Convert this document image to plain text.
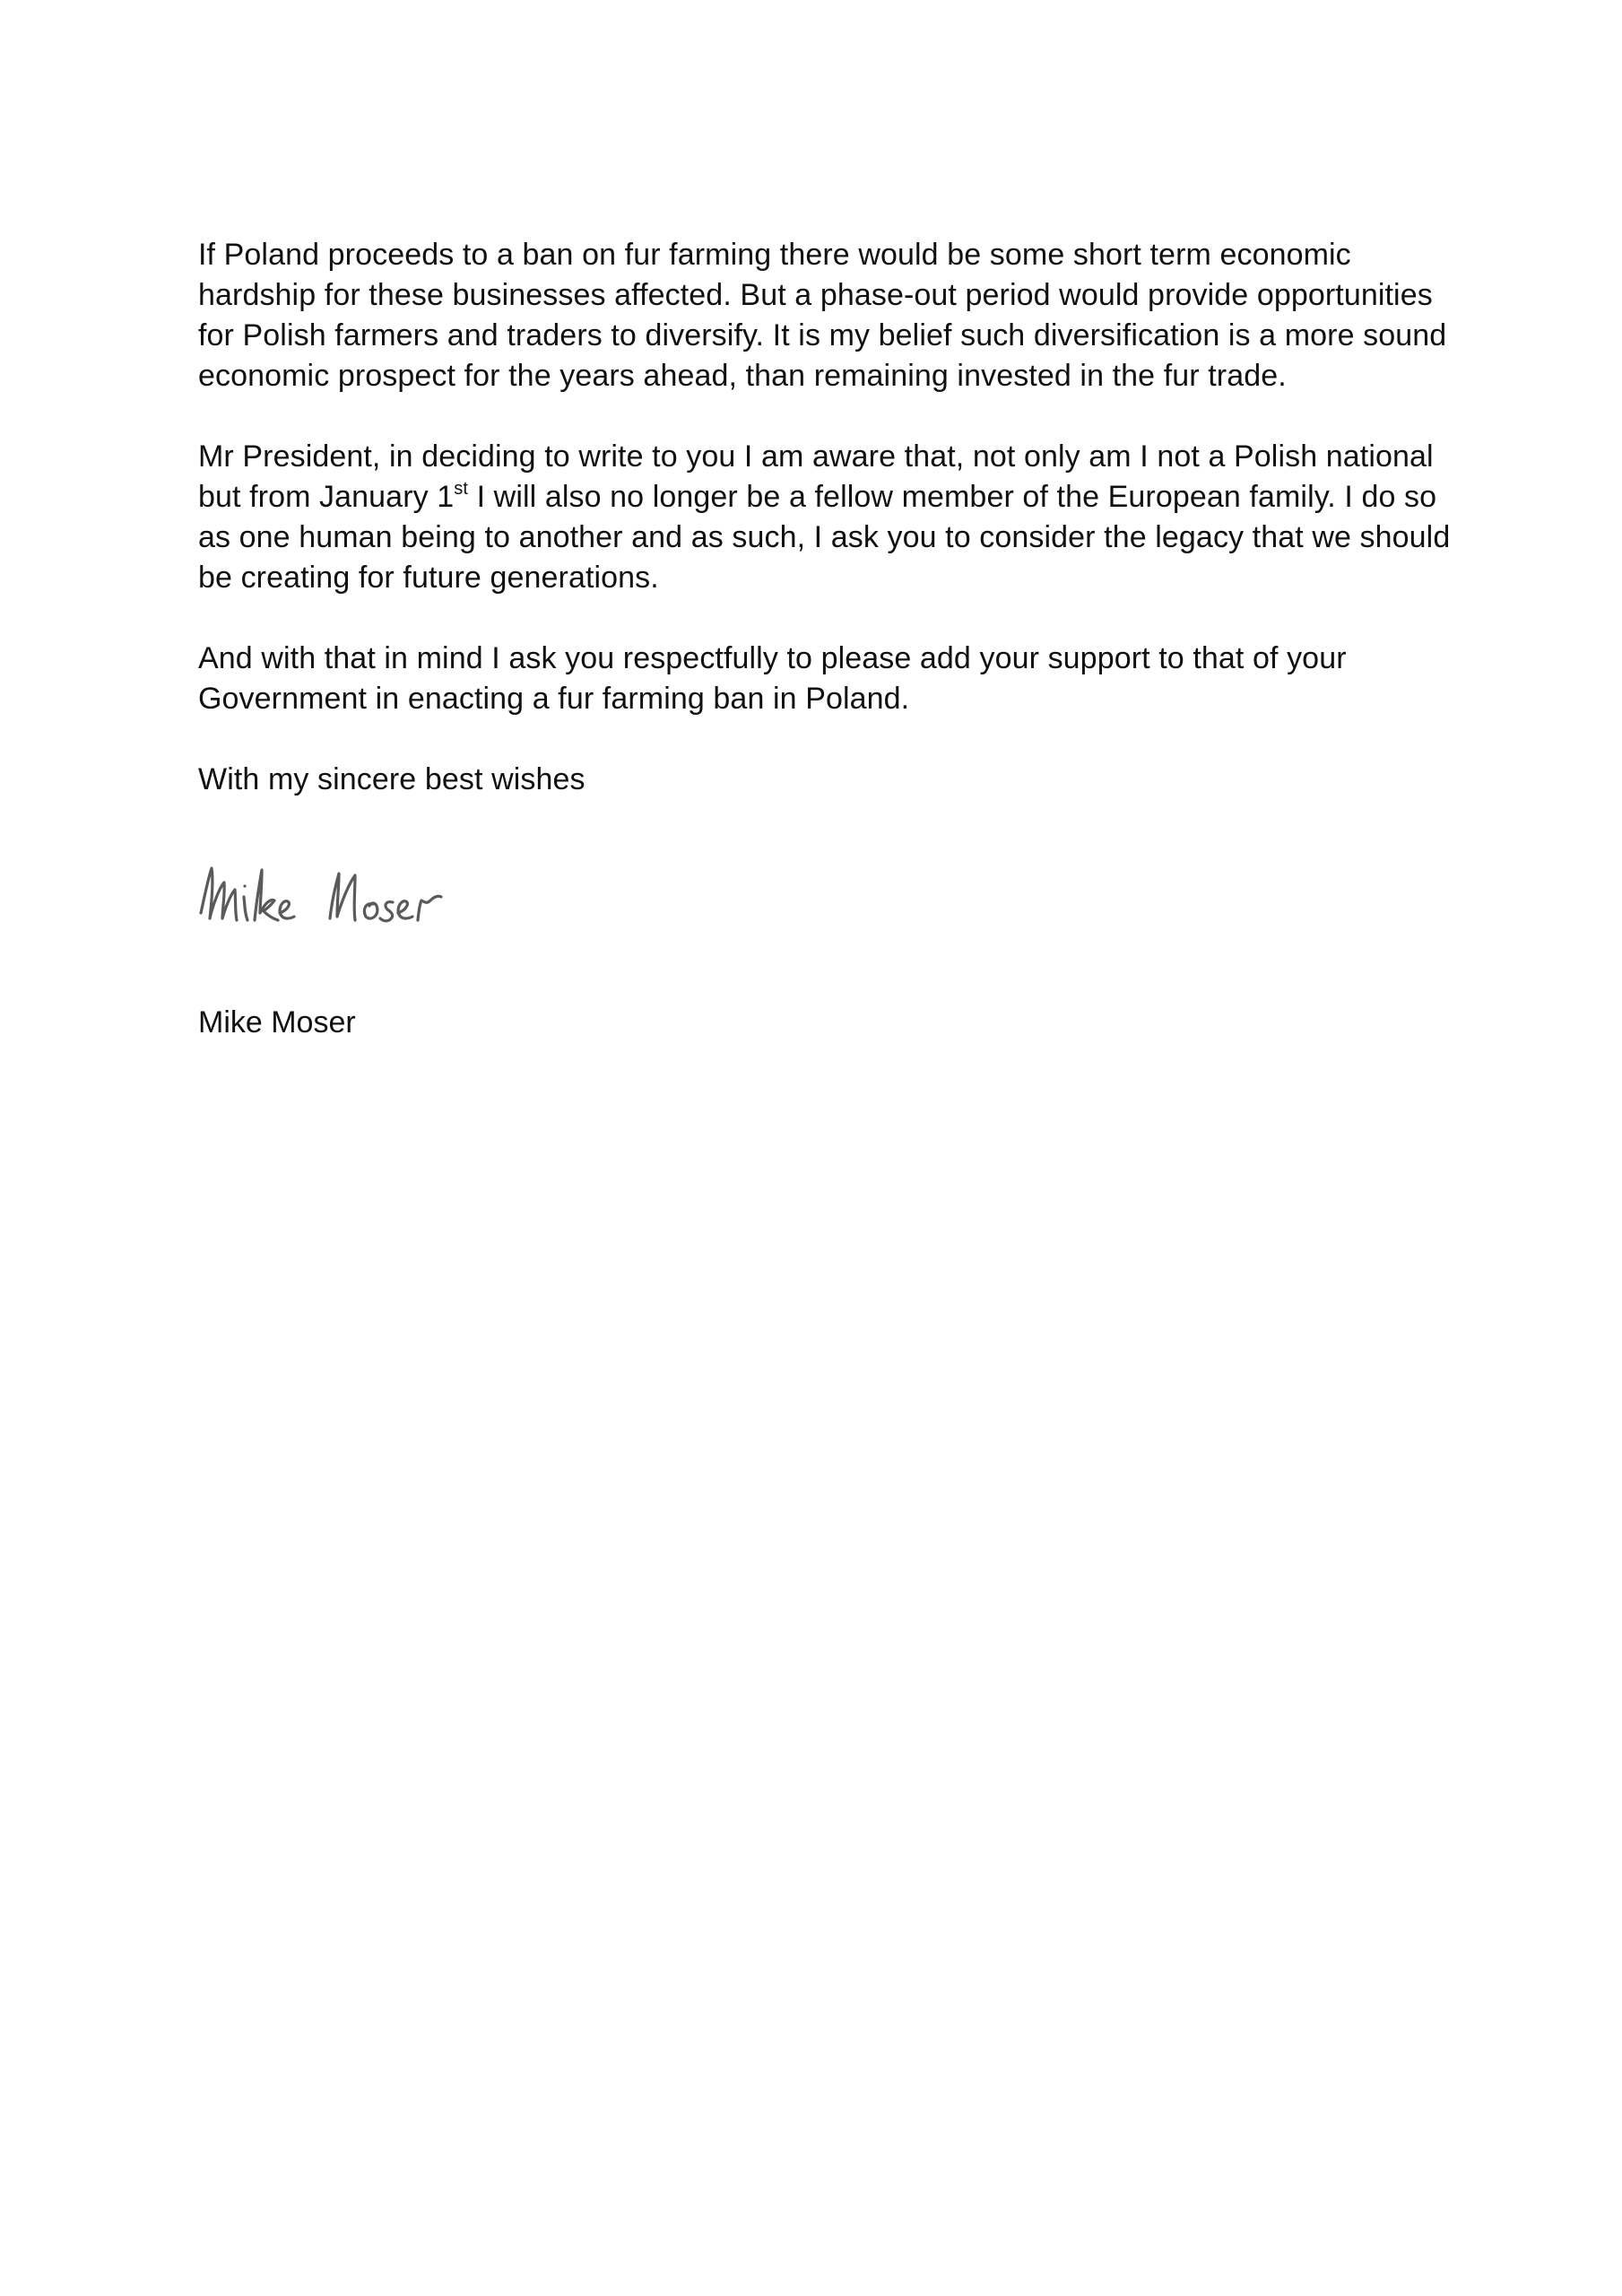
If Poland proceeds to a ban on fur farming there would be some short term economic
hardship for these businesses affected. But a phase-out period would provide opportunities
for Polish farmers and traders to diversify. It is my belief such diversification is a more sound
economic prospect for the years ahead, than remaining invested in the fur trade.

Mr President, in deciding to write to you I am aware that, not only am I not a Polish national
but from January 1st I will also no longer be a fellow member of the European family. I do so
as one human being to another and as such, I ask you to consider the legacy that we should
be creating for future generations.

And with that in mind I ask you respectfully to please add your support to that of your
Government in enacting a fur farming ban in Poland.

With my sincere best wishes

Mike Moser
